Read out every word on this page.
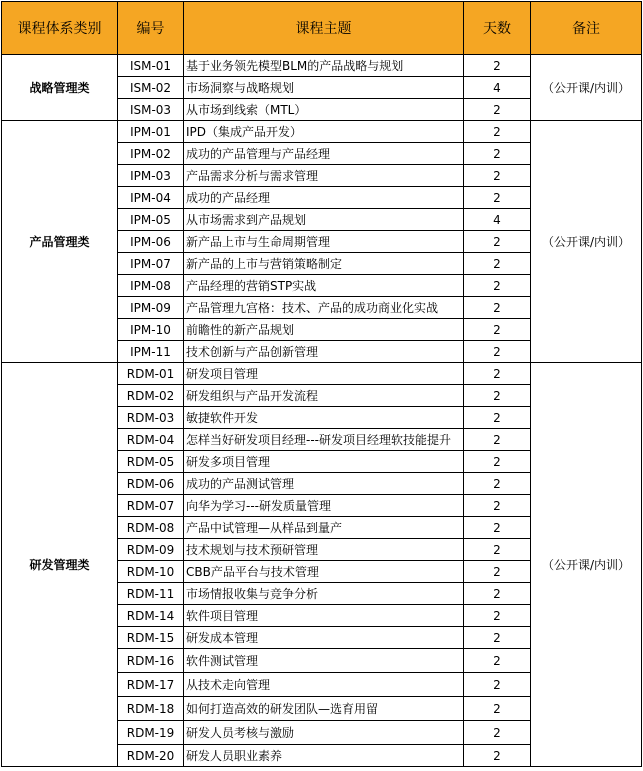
课程体系类别	编号	课程主题	天数	备注
战略管理类	ISM-01	基于业务领先模型BLM的产品战略与规划	2	（公开课/内训）
	ISM-02	市场洞察与战略规划	4	
	ISM-03	从市场到线索（MTL）	2	
产品管理类	IPM-01	IPD（集成产品开发）	2	（公开课/内训）
	IPM-02	成功的产品管理与产品经理	2	
	IPM-03	产品需求分析与需求管理	2	
	IPM-04	成功的产品经理	2	
	IPM-05	从市场需求到产品规划	4	
	IPM-06	新产品上市与生命周期管理	2	
	IPM-07	新产品的上市与营销策略制定	2	
	IPM-08	产品经理的营销STP实战	2	
	IPM-09	产品管理九宫格：技术、产品的成功商业化实战	2	
	IPM-10	前瞻性的新产品规划	2	
	IPM-11	技术创新与产品创新管理	2	
研发管理类	RDM-01	研发项目管理	2	（公开课/内训）
	RDM-02	研发组织与产品开发流程	2	
	RDM-03	敏捷软件开发	2	
	RDM-04	怎样当好研发项目经理---研发项目经理软技能提升	2	
	RDM-05	研发多项目管理	2	
	RDM-06	成功的产品测试管理	2	
	RDM-07	向华为学习---研发质量管理	2	
	RDM-08	产品中试管理—从样品到量产	2	
	RDM-09	技术规划与技术预研管理	2	
	RDM-10	CBB产品平台与技术管理	2	
	RDM-11	市场情报收集与竞争分析	2	
	RDM-14	软件项目管理	2	
	RDM-15	研发成本管理	2	
	RDM-16	软件测试管理	2	
	RDM-17	从技术走向管理	2	
	RDM-18	如何打造高效的研发团队—选育用留	2	
	RDM-19	研发人员考核与激励	2	
	RDM-20	研发人员职业素养	2	
